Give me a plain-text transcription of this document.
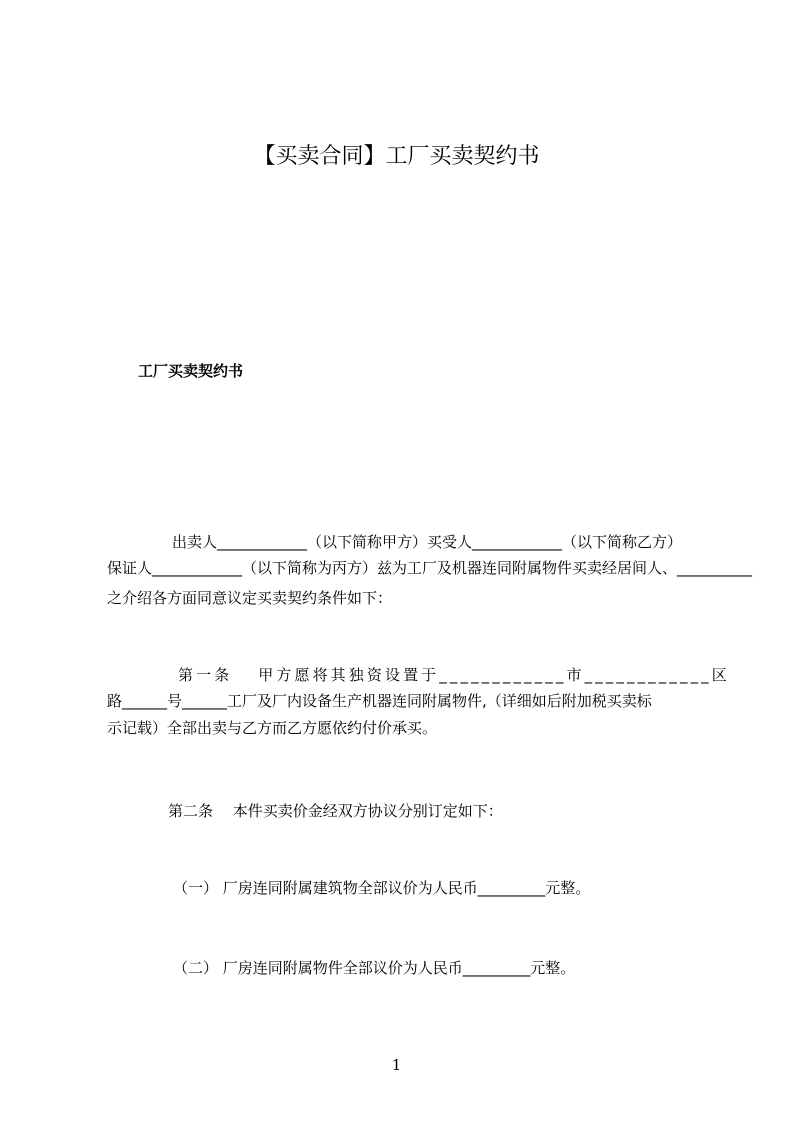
【买卖合同】工厂买卖契约书
工厂买卖契约书
出卖人____________（以下简称甲方）买受人____________（以下简称乙方）
保证人____________（以下简称为丙方）兹为工厂及机器连同附属物件买卖经居间人、__________
之介绍各方面同意议定买卖契约条件如下：
第一条　 甲方愿将其独资设置于____________市____________区
路______号______工厂及厂内设备生产机器连同附属物件,（详细如后附加税买卖标
示记载）全部出卖与乙方而乙方愿依约付价承买。
第二条　 本件买卖价金经双方协议分别订定如下：
（一） 厂房连同附属建筑物全部议价为人民币_________元整。
（二） 厂房连同附属物件全部议价为人民币_________元整。
1
